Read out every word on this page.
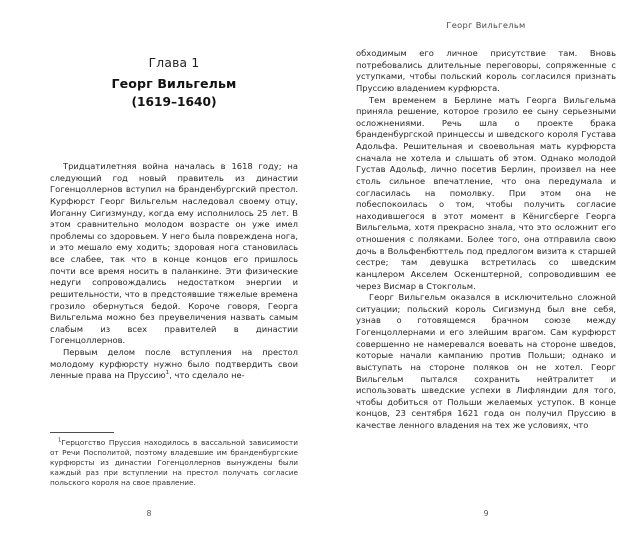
Глава 1

Георг Вильгельм

(1619–1640)

Тридцатилетняя война началась в 1618 году; на следующий год новый правитель из династии Гогенцоллернов вступил на бранденбургский престол. Курфюрст Георг Вильгельм наследовал своему отцу, Иоганну Сигизмунду, когда ему исполнилось 25 лет. В этом сравнительно молодом возрасте он уже имел проблемы со здоровьем. У него была повреждена нога, и это мешало ему ходить; здоровая нога становилась все слабее, так что в конце концов его пришлось почти все время носить в паланкине. Эти физические недуги сопровождались недостатком энергии и решительности, что в предстоявшие тяжелые времена грозило обернуться бедой. Короче говоря, Георга Вильгельма можно без преувеличения назвать самым слабым из всех правителей в династии Гогенцоллернов.

Первым делом после вступления на престол молодому курфюрсту нужно было подтвердить свои ленные права на Пруссию$^1$, что сделало не-

$^1$Герцогство Пруссия находилось в вассальной зависимости от Речи Посполитой, поэтому владевшие им бранденбургские курфюрсты из династии Гогенцоллернов вынуждены были каждый раз при вступлении на престол получать согласие польского короля на свое правление.

8
Георг Вильгельм

обходимым его личное присутствие там. Вновь потребовались длительные переговоры, сопряженные с уступками, чтобы польский король согласился признать Пруссию владением курфюрста.

Тем временем в Берлине мать Георга Вильгельма приняла решение, которое грозило ее сыну серьезными осложнениями. Речь шла о проекте брака бранденбургской принцессы и шведского короля Густава Адольфа. Решительная и своевольная мать курфюрста сначала не хотела и слышать об этом. Однако молодой Густав Адольф, лично посетив Берлин, произвел на нее столь сильное впечатление, что она передумала и согласилась на помолвку. При этом она не побеспокоилась о том, чтобы получить согласие находившегося в этот момент в Кёнигсберге Георга Вильгельма, хотя прекрасно знала, что это осложнит его отношения с поляками. Более того, она отправила свою дочь в Вольфенбюттель под предлогом визита к старшей сестре; там девушка встретилась со шведским канцлером Акселем Оскенштерной, сопроводившим ее через Висмар в Стокгольм.

Георг Вильгельм оказался в исключительно сложной ситуации; польский король Сигизмунд был вне себя, узнав о готовящемся брачном союзе между Гогенцоллернами и его злейшим врагом. Сам курфюрст совершенно не намеревался воевать на стороне шведов, которые начали кампанию против Польши; однако и выступать на стороне поляков он не хотел. Георг Вильгельм пытался сохранить нейтралитет и использовать шведские успехи в Лифляндии для того, чтобы добиться от Польши желаемых уступок. В конце концов, 23 сентября 1621 года он получил Пруссию в качестве ленного владения на тех же условиях, что

9
